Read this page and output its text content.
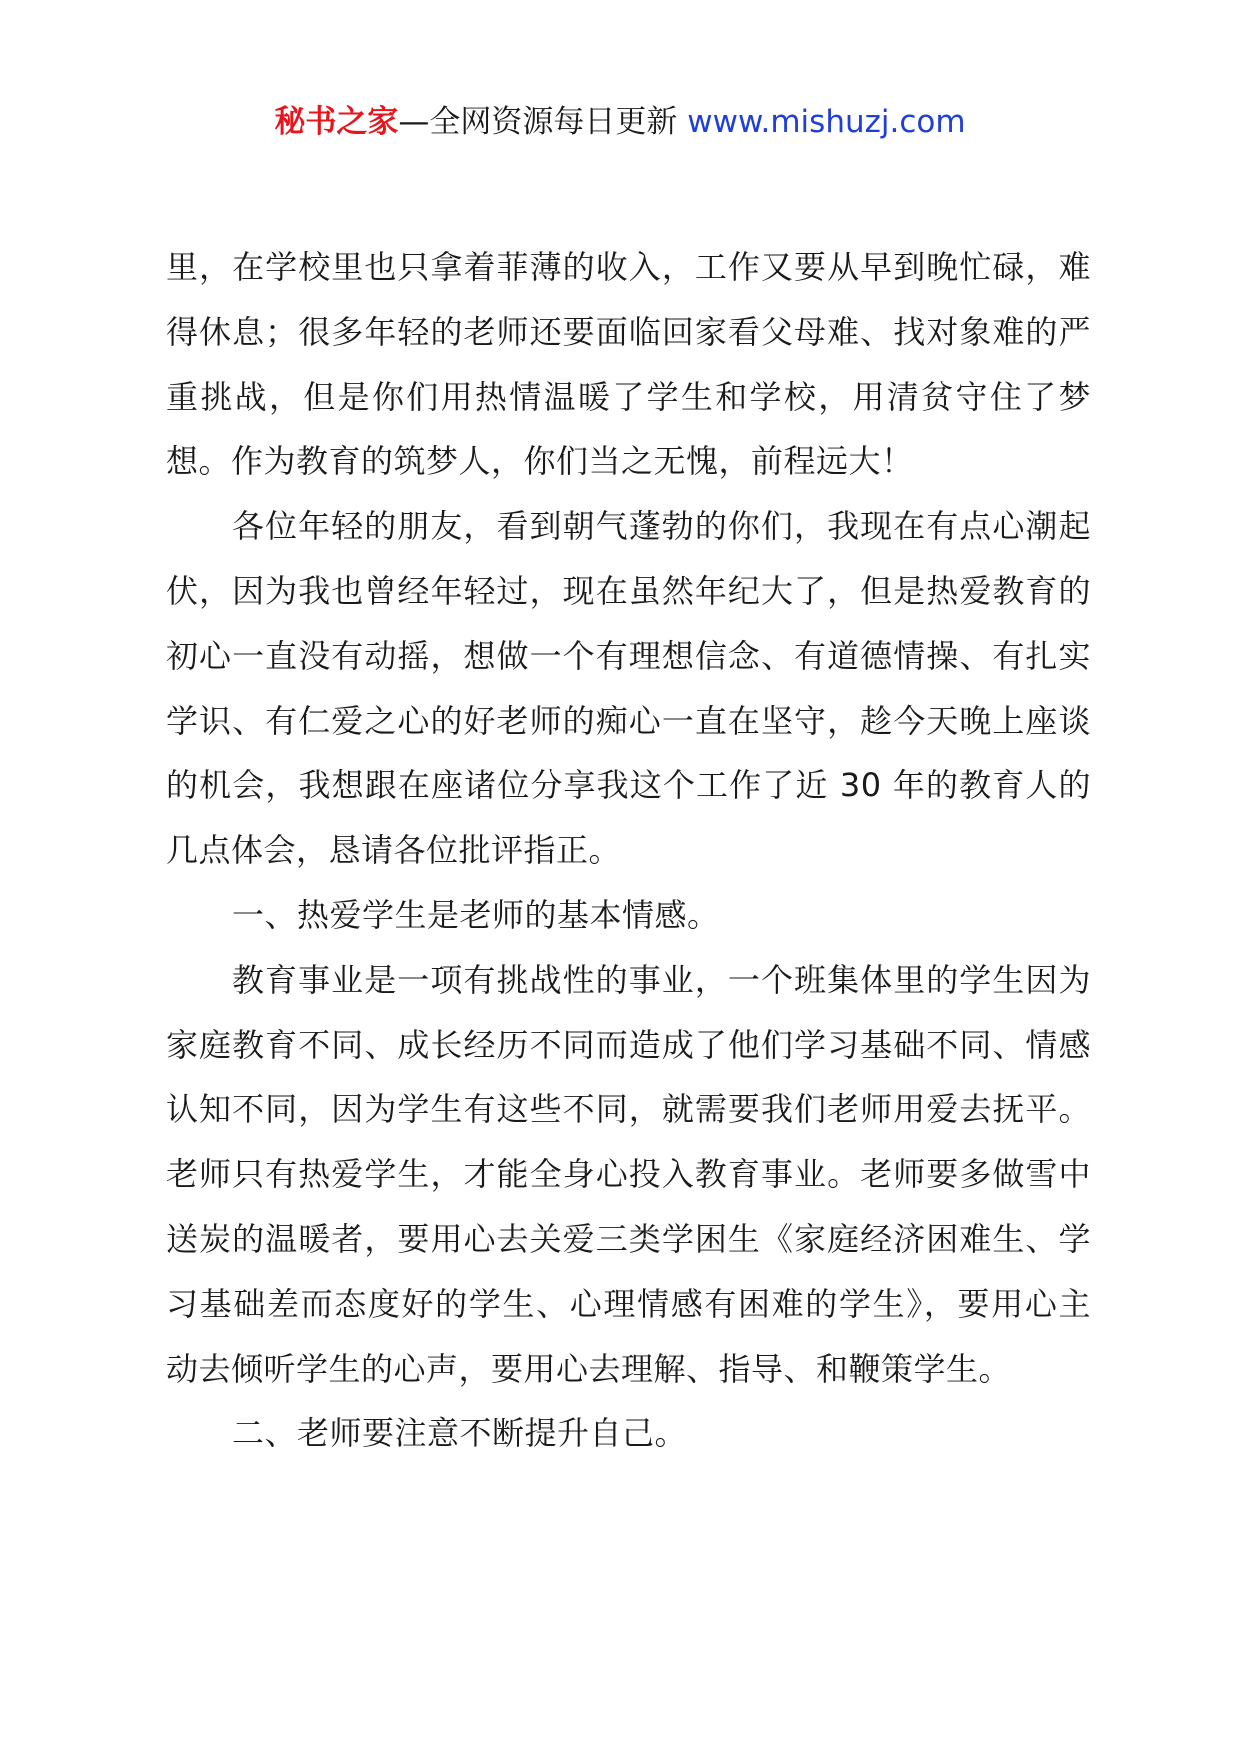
秘书之家—全网资源每日更新 www.mishuzj.com

里，在学校里也只拿着菲薄的收入，工作又要从早到晚忙碌，难得休息；很多年轻的老师还要面临回家看父母难、找对象难的严重挑战，但是你们用热情温暖了学生和学校，用清贫守住了梦想。作为教育的筑梦人，你们当之无愧，前程远大！

各位年轻的朋友，看到朝气蓬勃的你们，我现在有点心潮起伏，因为我也曾经年轻过，现在虽然年纪大了，但是热爱教育的初心一直没有动摇，想做一个有理想信念、有道德情操、有扎实学识、有仁爱之心的好老师的痴心一直在坚守，趁今天晚上座谈的机会，我想跟在座诸位分享我这个工作了近 30 年的教育人的几点体会，恳请各位批评指正。

一、热爱学生是老师的基本情感。

教育事业是一项有挑战性的事业，一个班集体里的学生因为家庭教育不同、成长经历不同而造成了他们学习基础不同、情感认知不同，因为学生有这些不同，就需要我们老师用爱去抚平。老师只有热爱学生，才能全身心投入教育事业。老师要多做雪中送炭的温暖者，要用心去关爱三类学困生《家庭经济困难生、学习基础差而态度好的学生、心理情感有困难的学生》，要用心主动去倾听学生的心声，要用心去理解、指导、和鞭策学生。

二、老师要注意不断提升自己。
